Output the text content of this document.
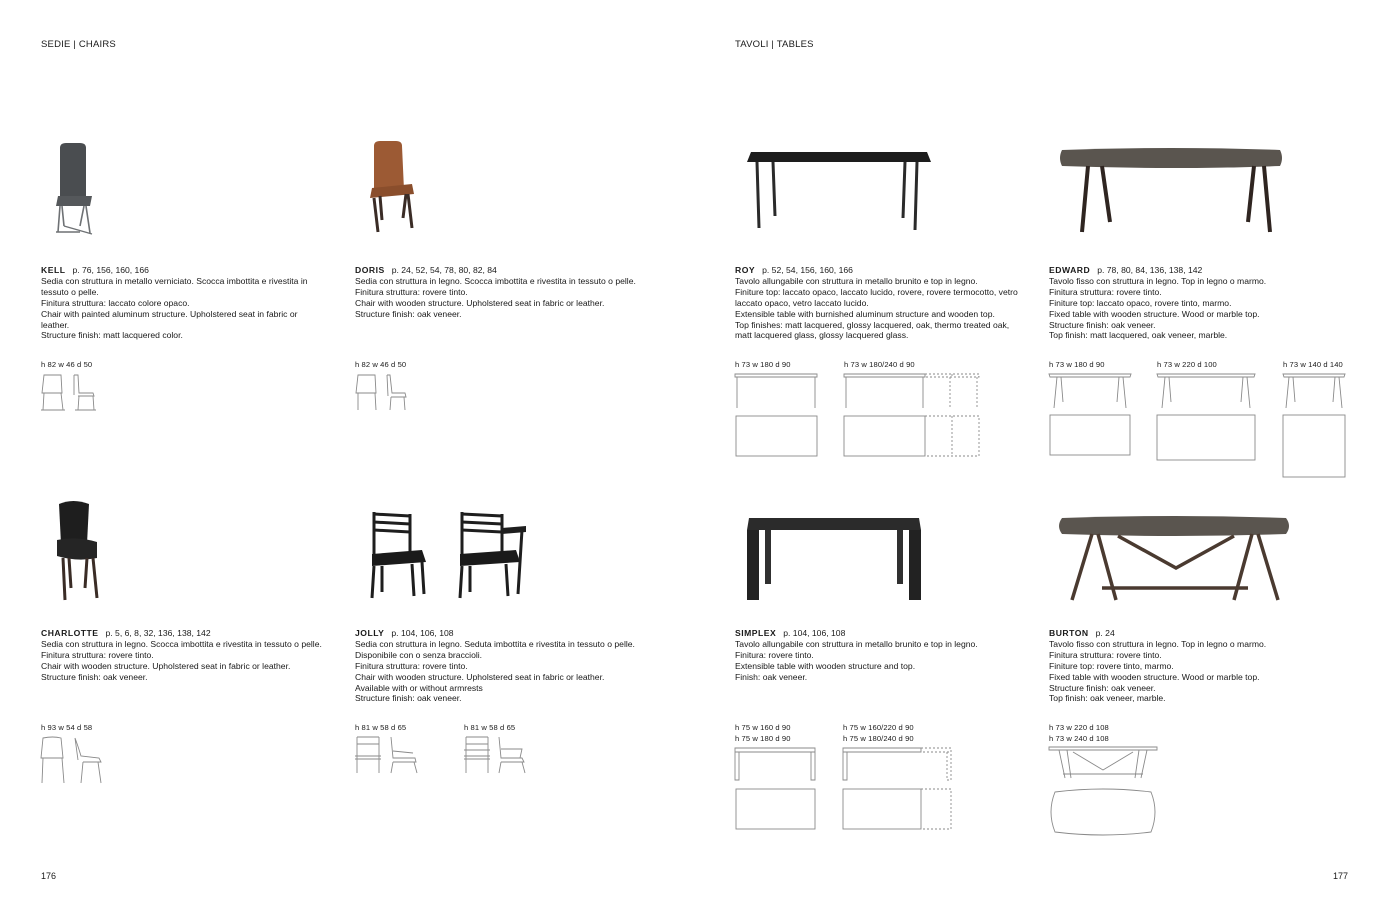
SEDIE | CHAIRS
KELL p. 76, 156, 160, 166
Sedia con struttura in metallo verniciato. Scocca imbottita e rivestita in
tessuto o pelle.
Finitura struttura: laccato colore opaco.
Chair with painted aluminum structure. Upholstered seat in fabric or
leather.
Structure finish: matt lacquered color.
h 82 w 46 d 50
DORIS p. 24, 52, 54, 78, 80, 82, 84
Sedia con struttura in legno. Scocca imbottita e rivestita in tessuto o pelle.
Finitura struttura: rovere tinto.
Chair with wooden structure. Upholstered seat in fabric or leather.
Structure finish: oak veneer.
h 82 w 46 d 50
CHARLOTTE p. 5, 6, 8, 32, 136, 138, 142
Sedia con struttura in legno. Scocca imbottita e rivestita in tessuto o pelle.
Finitura struttura: rovere tinto.
Chair with wooden structure. Upholstered seat in fabric or leather.
Structure finish: oak veneer.
h 93 w 54 d 58
JOLLY p. 104, 106, 108
Sedia con struttura in legno. Seduta imbottita e rivestita in tessuto o pelle.
Disponibile con o senza braccioli.
Finitura struttura: rovere tinto.
Chair with wooden structure. Upholstered seat in fabric or leather.
Available with or without armrests
Structure finish: oak veneer.
h 81 w 58 d 65	h 81 w 58 d 65
176
TAVOLI | TABLES
ROY p. 52, 54, 156, 160, 166
Tavolo allungabile con struttura in metallo brunito e top in legno.
Finiture top: laccato opaco, laccato lucido, rovere, rovere termocotto, vetro
laccato opaco, vetro laccato lucido.
Extensible table with burnished aluminum structure and wooden top.
Top finishes: matt lacquered, glossy lacquered, oak, thermo treated oak,
matt lacquered glass, glossy lacquered glass.
h 73 w 180 d 90	h 73 w 180/240 d 90
EDWARD p. 78, 80, 84, 136, 138, 142
Tavolo fisso con struttura in legno. Top in legno o marmo.
Finitura struttura: rovere tinto.
Finiture top: laccato opaco, rovere tinto, marmo.
Fixed table with wooden structure. Wood or marble top.
Structure finish: oak veneer.
Top finish: matt lacquered, oak veneer, marble.
h 73 w 180 d 90	h 73 w 220 d 100	h 73 w 140 d 140
SIMPLEX p. 104, 106, 108
Tavolo allungabile con struttura in metallo brunito e top in legno.
Finitura: rovere tinto.
Extensible table with wooden structure and top.
Finish: oak veneer.
h 75 w 160 d 90
h 75 w 180 d 90
h 75 w 160/220 d 90
h 75 w 180/240 d 90
BURTON p. 24
Tavolo fisso con struttura in legno. Top in legno o marmo.
Finitura struttura: rovere tinto.
Finiture top: rovere tinto, marmo.
Fixed table with wooden structure. Wood or marble top.
Structure finish: oak veneer.
Top finish: oak veneer, marble.
h 73 w 220 d 108
h 73 w 240 d 108
177
